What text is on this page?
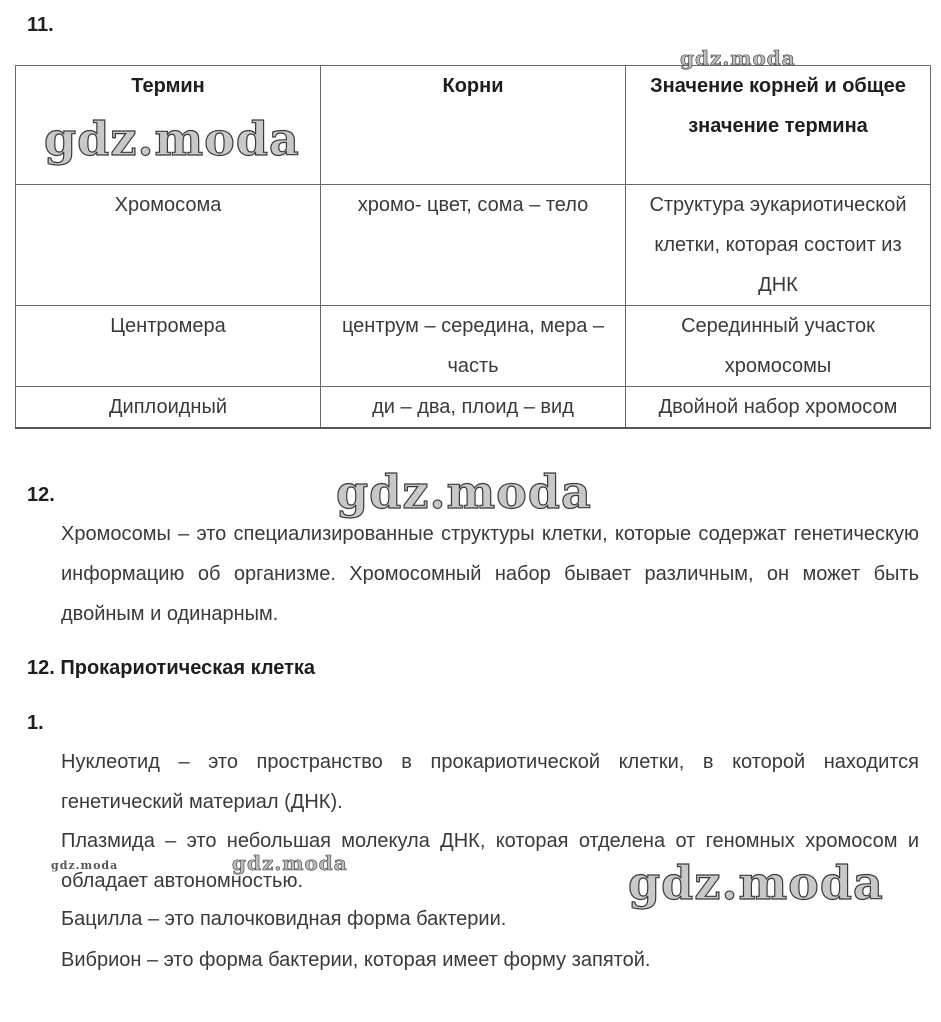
11.
Термин	Корни	Значение корней и общее значение термина
Хромосома	хромо- цвет, сома – тело	Структура эукариотической клетки, которая состоит из ДНК
Центромера	центрум – середина, мера – часть	Серединный участок хромосомы
Диплоидный	ди – два, плоид – вид	Двойной набор хромосом
12.

Хромосомы – это специализированные структуры клетки, которые содержат генетическую информацию об организме. Хромосомный набор бывает различным, он может быть двойным и одинарным.

12. Прокариотическая клетка
1.

Нуклеотид – это пространство в прокариотической клетки, в которой находится генетический материал (ДНК).

Плазмида – это небольшая молекула ДНК, которая отделена от геномных хромосом и обладает автономностью.

Бацилла – это палочковидная форма бактерии.

Вибрион – это форма бактерии, которая имеет форму запятой.

gdz.moda
gdz.moda
gdz.moda
gdz.moda	gdz.moda	gdz.moda
